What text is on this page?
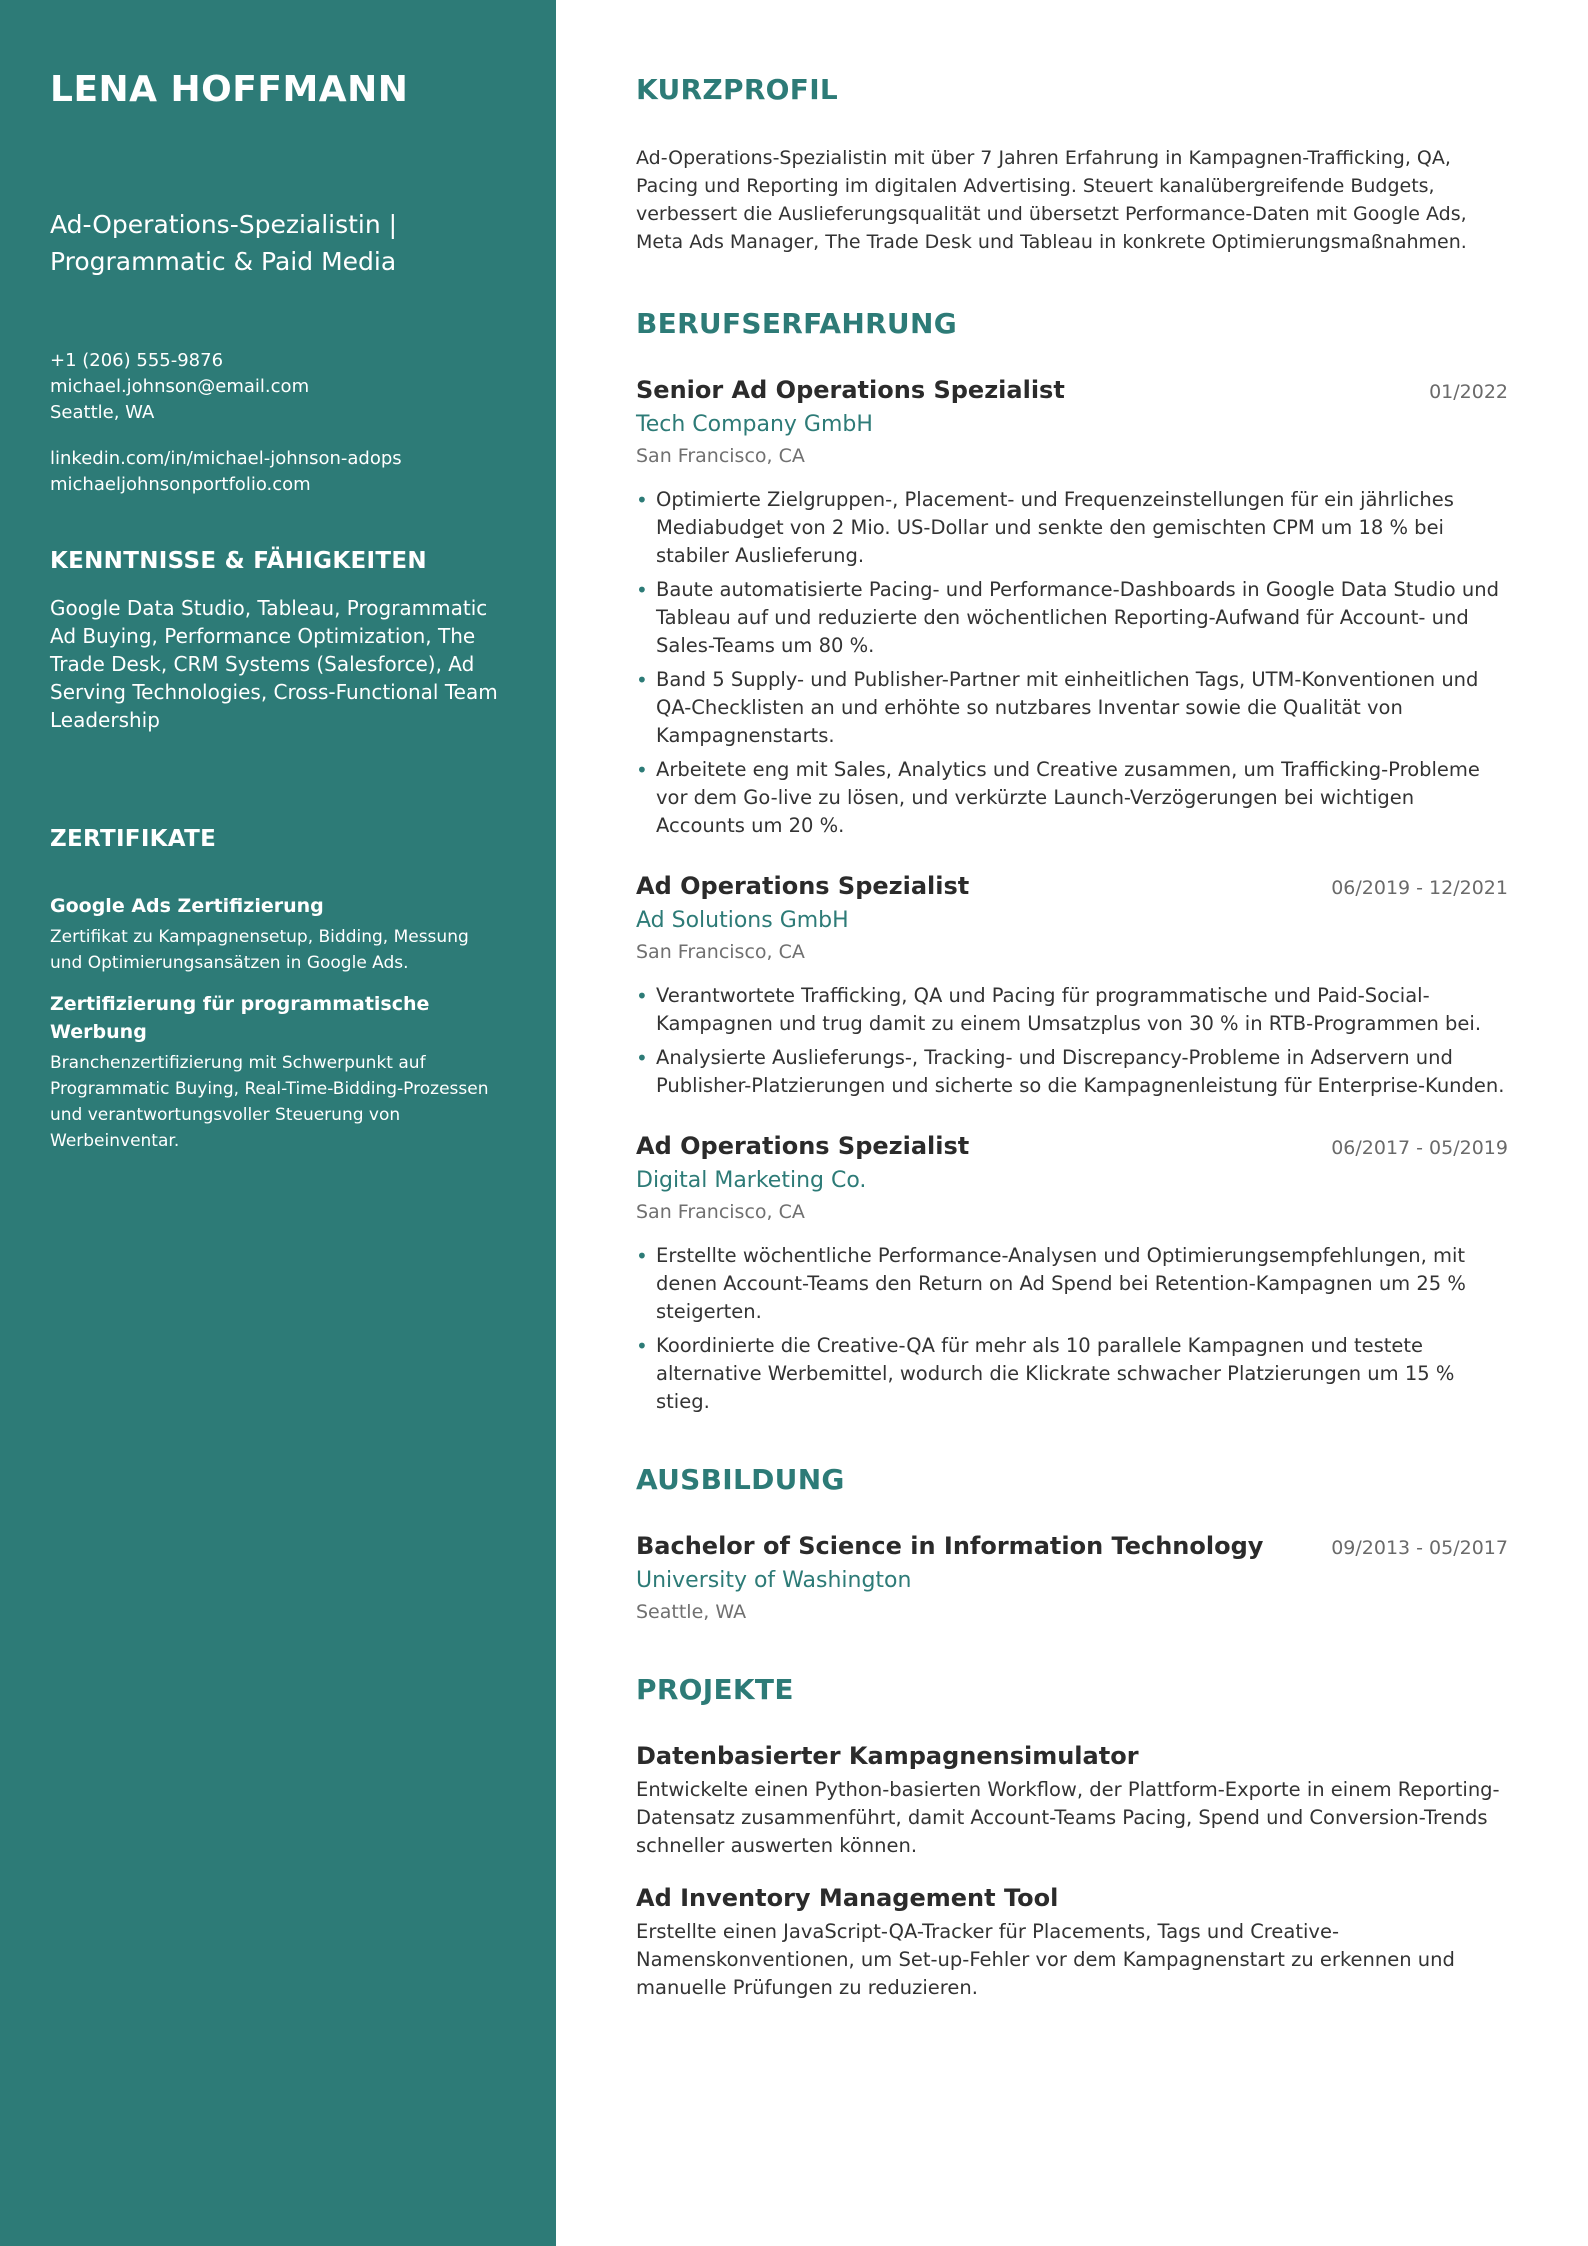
LENA HOFFMANN
Ad-Operations-Spezialistin | Programmatic & Paid Media
+1 (206) 555-9876
michael.johnson@email.com
Seattle, WA
linkedin.com/in/michael-johnson-adops
michaeljohnsonportfolio.com
KENNTNISSE & FÄHIGKEITEN
Google Data Studio, Tableau, Programmatic Ad Buying, Performance Optimization, The Trade Desk, CRM Systems (Salesforce), Ad Serving Technologies, Cross-Functional Team Leadership
ZERTIFIKATE
Google Ads Zertifizierung
Zertifikat zu Kampagnensetup, Bidding, Messung und Optimierungsansätzen in Google Ads.
Zertifizierung für programmatische Werbung
Branchenzertifizierung mit Schwerpunkt auf Programmatic Buying, Real-Time-Bidding-Prozessen und verantwortungsvoller Steuerung von Werbeinventar.
KURZPROFIL
Ad-Operations-Spezialistin mit über 7 Jahren Erfahrung in Kampagnen-Trafficking, QA, Pacing und Reporting im digitalen Advertising. Steuert kanalübergreifende Budgets, verbessert die Auslieferungsqualität und übersetzt Performance-Daten mit Google Ads, Meta Ads Manager, The Trade Desk und Tableau in konkrete Optimierungsmaßnahmen.
BERUFSERFAHRUNG
Senior Ad Operations Spezialist	01/2022
Tech Company GmbH
San Francisco, CA
• Optimierte Zielgruppen-, Placement- und Frequenzeinstellungen für ein jährliches Mediabudget von 2 Mio. US-Dollar und senkte den gemischten CPM um 18 % bei stabiler Auslieferung.
• Baute automatisierte Pacing- und Performance-Dashboards in Google Data Studio und Tableau auf und reduzierte den wöchentlichen Reporting-Aufwand für Account- und Sales-Teams um 80 %.
• Band 5 Supply- und Publisher-Partner mit einheitlichen Tags, UTM-Konventionen und QA-Checklisten an und erhöhte so nutzbares Inventar sowie die Qualität von Kampagnenstarts.
• Arbeitete eng mit Sales, Analytics und Creative zusammen, um Trafficking-Probleme vor dem Go-live zu lösen, und verkürzte Launch-Verzögerungen bei wichtigen Accounts um 20 %.
Ad Operations Spezialist	06/2019 - 12/2021
Ad Solutions GmbH
San Francisco, CA
• Verantwortete Trafficking, QA und Pacing für programmatische und Paid-Social-Kampagnen und trug damit zu einem Umsatzplus von 30 % in RTB-Programmen bei.
• Analysierte Auslieferungs-, Tracking- und Discrepancy-Probleme in Adservern und Publisher-Platzierungen und sicherte so die Kampagnenleistung für Enterprise-Kunden.
Ad Operations Spezialist	06/2017 - 05/2019
Digital Marketing Co.
San Francisco, CA
• Erstellte wöchentliche Performance-Analysen und Optimierungsempfehlungen, mit denen Account-Teams den Return on Ad Spend bei Retention-Kampagnen um 25 % steigerten.
• Koordinierte die Creative-QA für mehr als 10 parallele Kampagnen und testete alternative Werbemittel, wodurch die Klickrate schwacher Platzierungen um 15 % stieg.
AUSBILDUNG
Bachelor of Science in Information Technology	09/2013 - 05/2017
University of Washington
Seattle, WA
PROJEKTE
Datenbasierter Kampagnensimulator
Entwickelte einen Python-basierten Workflow, der Plattform-Exporte in einem Reporting-Datensatz zusammenführt, damit Account-Teams Pacing, Spend und Conversion-Trends schneller auswerten können.
Ad Inventory Management Tool
Erstellte einen JavaScript-QA-Tracker für Placements, Tags und Creative-Namenskonventionen, um Set-up-Fehler vor dem Kampagnenstart zu erkennen und manuelle Prüfungen zu reduzieren.
